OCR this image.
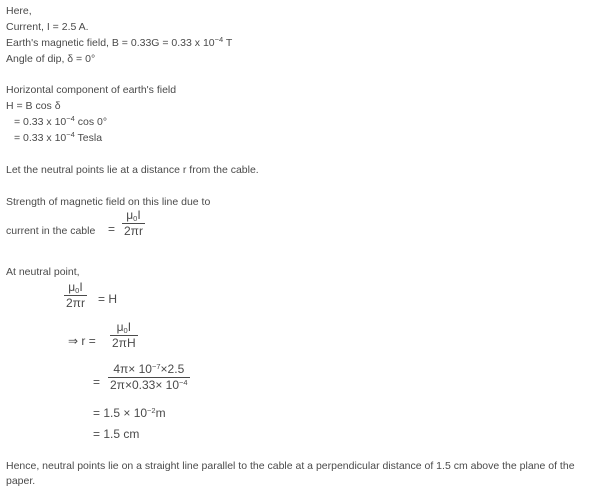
Here,
Current, I = 2.5 A.
Earth's magnetic field, B = 0.33G = 0.33 x $10^{-4}$ T
Angle of dip, δ = 0°
Horizontal component of earth's field
H = B cos δ
= 0.33 x $10^{-4}$ cos 0°
= 0.33 x $10^{-4}$ Tesla
Let the neutral points lie at a distance r from the cable.
Strength of magnetic field on this line due to
current in the cable =
$\mu_0I$
2πr
At neutral point,
$\mu_0I$
2πr = H
⇒ r =
$\mu_0I$
2πH
=
$4\pi\times 10^{-7}\times 2.5$
$2\pi\times 0.33\times 10^{-4}$
= $1.5 \times 10^{-2}m$
= 1.5 cm
Hence, neutral points lie on a straight line parallel to the cable at a perpendicular distance of 1.5 cm above the plane of the paper.
